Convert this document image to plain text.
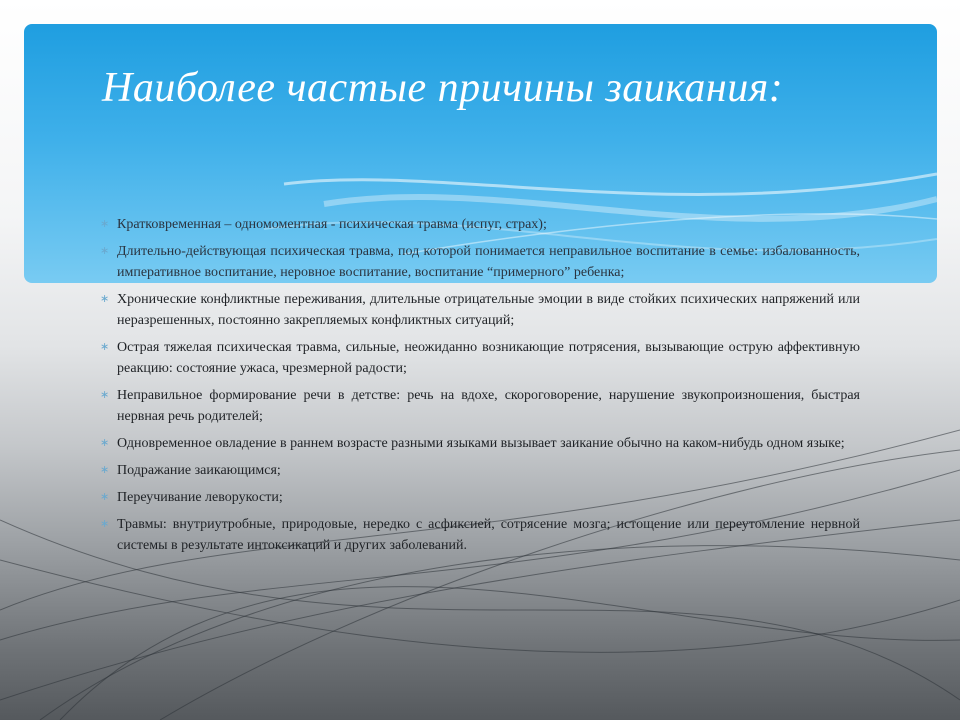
Наиболее частые причины заикания:
∗ Кратковременная – одномоментная - психическая травма (испуг, страх);
∗ Длительно-действующая психическая травма, под которой понимается неправильное воспитание в семье: избалованность, императивное воспитание, неровное воспитание, воспитание “примерного” ребенка;
∗ Хронические конфликтные переживания, длительные отрицательные эмоции в виде стойких психических напряжений или неразрешенных, постоянно закрепляемых конфликтных ситуаций;
∗ Острая тяжелая психическая травма, сильные, неожиданно возникающие потрясения, вызывающие острую аффективную реакцию: состояние ужаса, чрезмерной радости;
∗ Неправильное формирование речи в детстве: речь на вдохе, скороговорение, нарушение звукопроизношения, быстрая нервная речь родителей;
∗ Одновременное овладение в раннем возрасте разными языками вызывает заикание обычно на каком-нибудь одном языке;
∗ Подражание заикающимся;
∗ Переучивание леворукости;
∗ Травмы: внутриутробные, природовые, нередко с асфиксией, сотрясение мозга; истощение или переутомление нервной системы в результате интоксикаций и других заболеваний.
